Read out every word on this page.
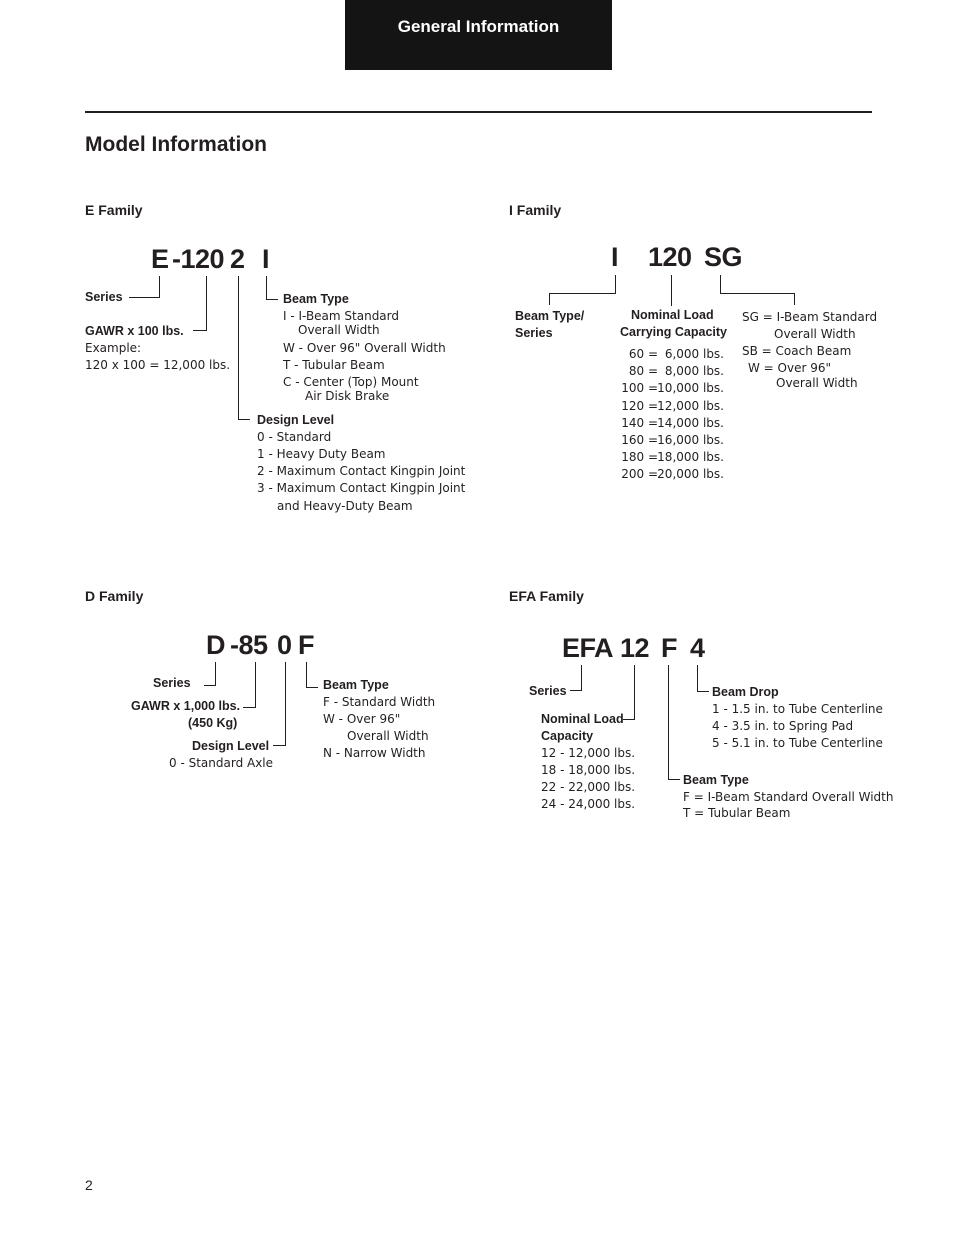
General Information
Model Information
E Family
E -120 2 I
Series
GAWR x 100 lbs.
Example:
120 x 100 = 12,000 lbs.
Beam Type
I - I-Beam Standard
Overall Width
W - Over 96" Overall Width
T - Tubular Beam
C - Center (Top) Mount
Air Disk Brake
Design Level
0 - Standard
1 - Heavy Duty Beam
2 - Maximum Contact Kingpin Joint
3 - Maximum Contact Kingpin Joint
and Heavy-Duty Beam
I Family
I 120 SG
Beam Type/
Series
Nominal Load
Carrying Capacity
60 = 6,000 lbs.
80 = 8,000 lbs.
100 = 10,000 lbs.
120 = 12,000 lbs.
140 = 14,000 lbs.
160 = 16,000 lbs.
180 = 18,000 lbs.
200 = 20,000 lbs.
SG = I-Beam Standard
Overall Width
SB = Coach Beam
W = Over 96"
Overall Width
D Family
D -85 0 F
Series
GAWR x 1,000 lbs.
(450 Kg)
Design Level
0 - Standard Axle
Beam Type
F - Standard Width
W - Over 96"
Overall Width
N - Narrow Width
EFA Family
EFA 12 F 4
Series
Nominal Load
Capacity
12 - 12,000 lbs.
18 - 18,000 lbs.
22 - 22,000 lbs.
24 - 24,000 lbs.
Beam Drop
1 - 1.5 in. to Tube Centerline
4 - 3.5 in. to Spring Pad
5 - 5.1 in. to Tube Centerline
Beam Type
F = I-Beam Standard Overall Width
T = Tubular Beam
2
